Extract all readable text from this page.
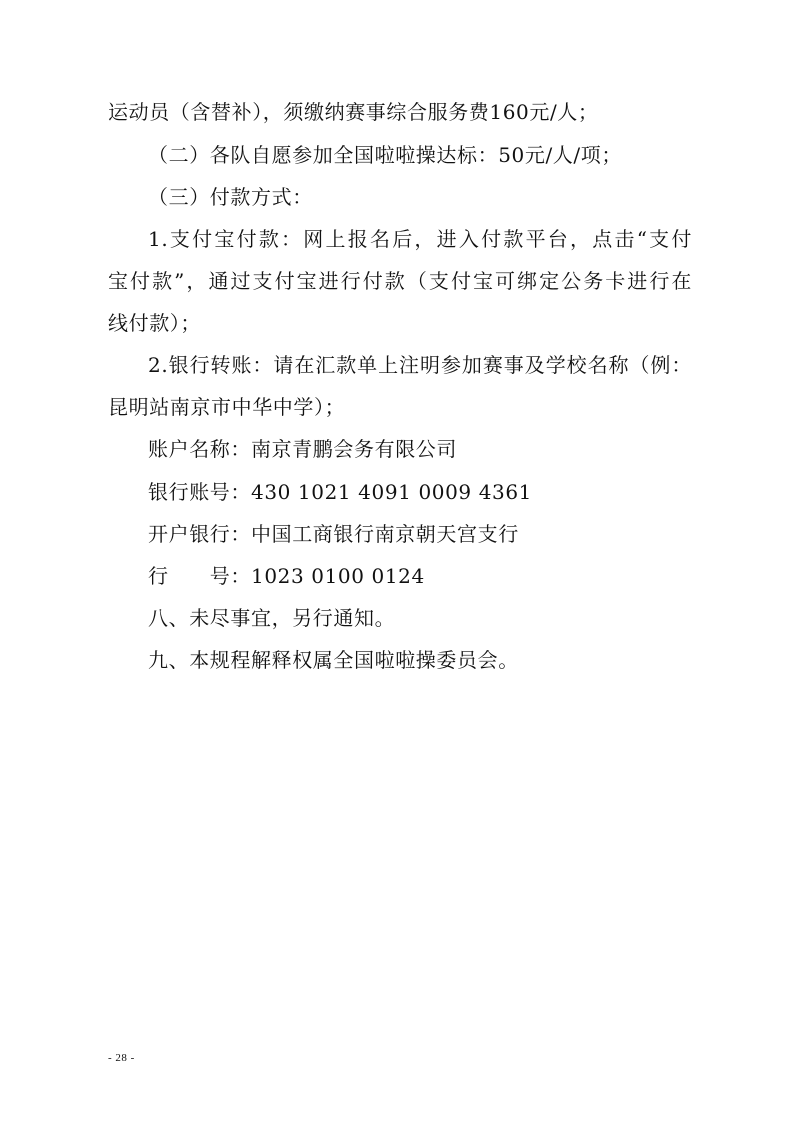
运动员（含替补），须缴纳赛事综合服务费160元/人；
（二）各队自愿参加全国啦啦操达标：50元/人/项；
（三）付款方式：
1.支付宝付款：网上报名后，进入付款平台，点击“支付
宝付款”，通过支付宝进行付款（支付宝可绑定公务卡进行在
线付款）；
2.银行转账：请在汇款单上注明参加赛事及学校名称（例：
昆明站南京市中华中学）；
账户名称：南京青鹏会务有限公司
银行账号：430 1021 4091 0009 4361
开户银行：中国工商银行南京朝天宫支行
行　　号：1023 0100 0124
八、未尽事宜，另行通知。
九、本规程解释权属全国啦啦操委员会。
- 28 -
